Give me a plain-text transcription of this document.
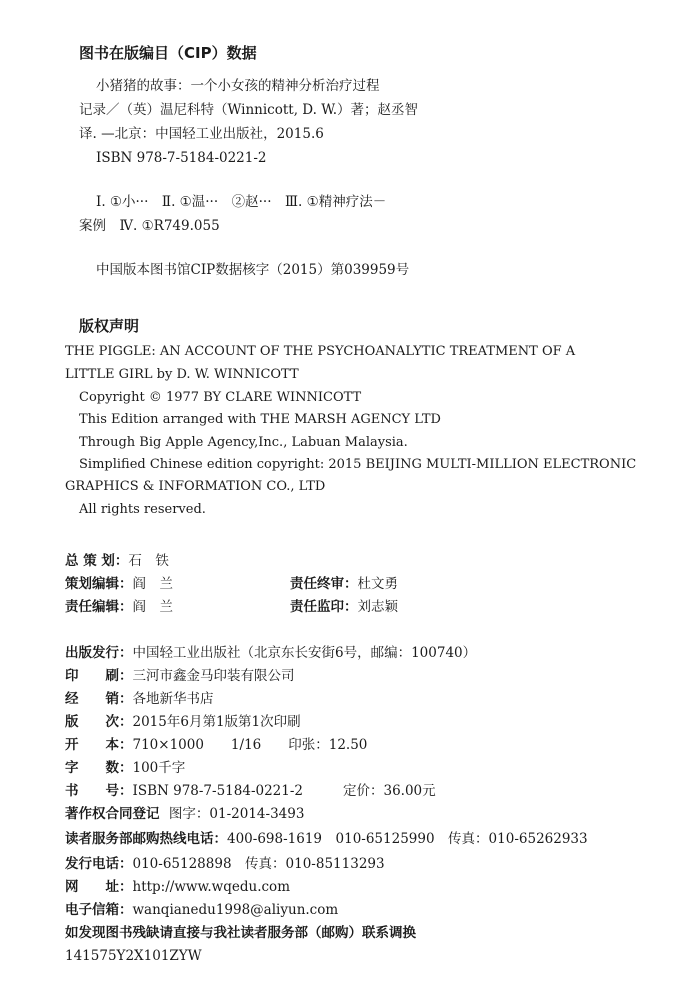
图书在版编目（CIP）数据
小猪猪的故事：一个小女孩的精神分析治疗过程
记录／（英）温尼科特（Winnicott, D. W.）著；赵丞智
译. —北京：中国轻工业出版社，2015.6
ISBN 978-7-5184-0221-2
Ⅰ. ①小···　Ⅱ. ①温···　②赵···　Ⅲ. ①精神疗法－
案例　Ⅳ. ①R749.055
中国版本图书馆CIP数据核字（2015）第039959号
版权声明
THE PIGGLE: AN ACCOUNT OF THE PSYCHOANALYTIC TREATMENT OF A
LITTLE GIRL by D. W. WINNICOTT
Copyright © 1977 BY CLARE WINNICOTT
This Edition arranged with THE MARSH AGENCY LTD
Through Big Apple Agency,Inc., Labuan Malaysia.
Simplified Chinese edition copyright: 2015 BEIJING MULTI-MILLION ELECTRONIC
GRAPHICS & INFORMATION CO., LTD
All rights reserved.
总 策 划：石　铁
策划编辑：阎　兰	责任终审：杜文勇
责任编辑：阎　兰	责任监印：刘志颖
出版发行：中国轻工业出版社（北京东长安街6号，邮编：100740）
印　　刷：三河市鑫金马印装有限公司
经　　销：各地新华书店
版　　次：2015年6月第1版第1次印刷
开　　本：710×1000　　1/16　　印张：12.50
字　　数：100千字
书　　号：ISBN 978-7-5184-0221-2	定价：36.00元
著作权合同登记 图字：01-2014-3493
读者服务部邮购热线电话：400-698-1619　010-65125990　传真：010-65262933
发行电话：010-65128898　传真：010-85113293
网　　址：http://www.wqedu.com
电子信箱：wanqianedu1998@aliyun.com
如发现图书残缺请直接与我社读者服务部（邮购）联系调换
141575Y2X101ZYW
